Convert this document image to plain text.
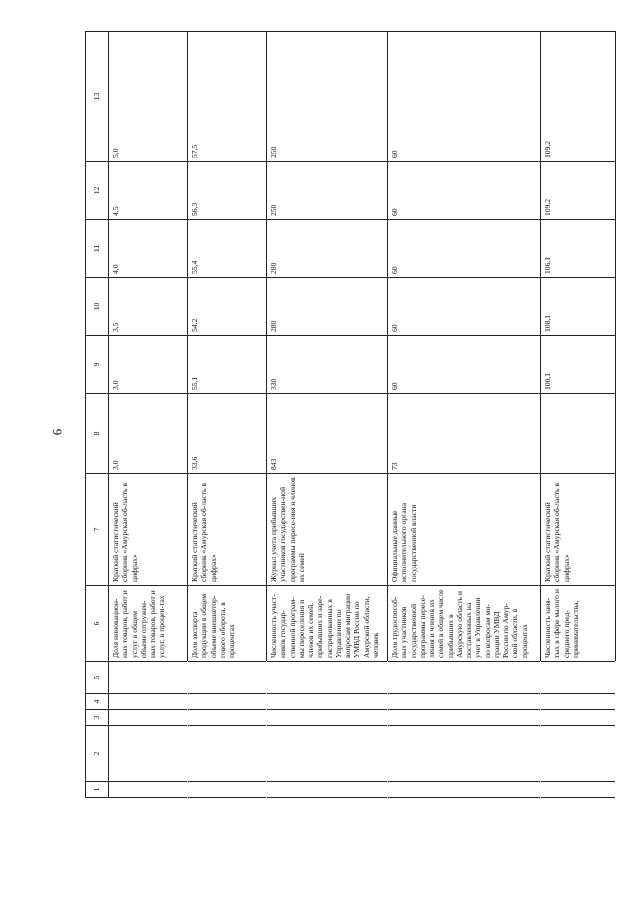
6
1	2	3	4	5	6	7	8	9	10	11	12	13
					Доля инновацион-ных товаров, работ и услуг в общем объеме отгружен-ных товаров, работ и услуг, в процен-тах	Краткий статистический сборник «Амурская об-ласть в цифрах»	3,0	3,0	3,5	4,0	4,5	5,0
					Доля экспорта продукции в общем объеме внешнетор-гового оборота, в процентах	Краткий статистический сборник «Амурская об-ласть в цифрах»	33,6	55,1	54,2	55,4	56,3	57,5
					Численность участ-ников государ-ственной програм-мы переселения и членов их семей, прибывших и заре-гистрированных в Управлении по вопросам миграции УМВД России по Амурской области, человек	Журнал учета прибывших участников государствен-ной программы пересе-ния и членов их семей	843	330	280	280	250	250
					Доля трудоспособ-ных участников государственной программы пересе-ления и членов их семей в общем числе прибывших в Амурскую область и поставленных на учет в Управлении по вопросам ми-грации УМВД России по Амур-ской области, в процентах	Официальные данные исполнительного органа государственной власти	73	60	60	60	60	60
					Численность заня-тых в сфере малого и среднего пред-принимательства,	Краткий статистический сборник «Амурская об-ласть в цифрах»		100,1	108,1	106,1	109,2	109,2
